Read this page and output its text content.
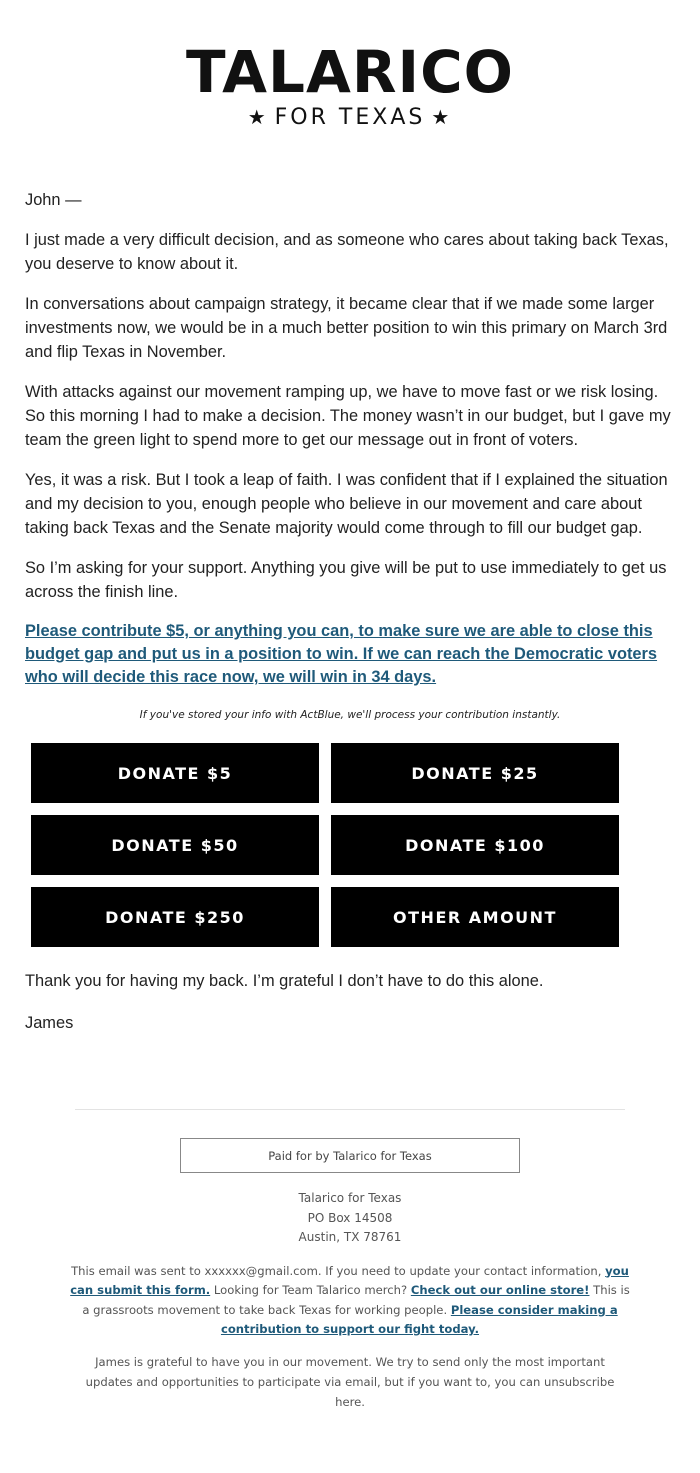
TALARICO
★ FOR TEXAS ★

John —

I just made a very difficult decision, and as someone who cares about taking back Texas, you deserve to know about it.

In conversations about campaign strategy, it became clear that if we made some larger investments now, we would be in a much better position to win this primary on March 3rd and flip Texas in November.

With attacks against our movement ramping up, we have to move fast or we risk losing. So this morning I had to make a decision. The money wasn’t in our budget, but I gave my team the green light to spend more to get our message out in front of voters.

Yes, it was a risk. But I took a leap of faith. I was confident that if I explained the situation and my decision to you, enough people who believe in our movement and care about taking back Texas and the Senate majority would come through to fill our budget gap.

So I’m asking for your support. Anything you give will be put to use immediately to get us across the finish line.

Please contribute $5, or anything you can, to make sure we are able to close this budget gap and put us in a position to win. If we can reach the Democratic voters who will decide this race now, we will win in 34 days.
If you've stored your info with ActBlue, we'll process your contribution instantly.
DONATE $5	DONATE $25
DONATE $50	DONATE $100
DONATE $250	OTHER AMOUNT

Thank you for having my back. I’m grateful I don’t have to do this alone.

James

Paid for by Talarico for Texas
Talarico for Texas
PO Box 14508
Austin, TX 78761
This email was sent to xxxxxx@gmail.com. If you need to update your contact information, you can submit this form. Looking for Team Talarico merch? Check out our online store! This is a grassroots movement to take back Texas for working people. Please consider making a contribution to support our fight today.
James is grateful to have you in our movement. We try to send only the most important updates and opportunities to participate via email, but if you want to, you can unsubscribe here.
